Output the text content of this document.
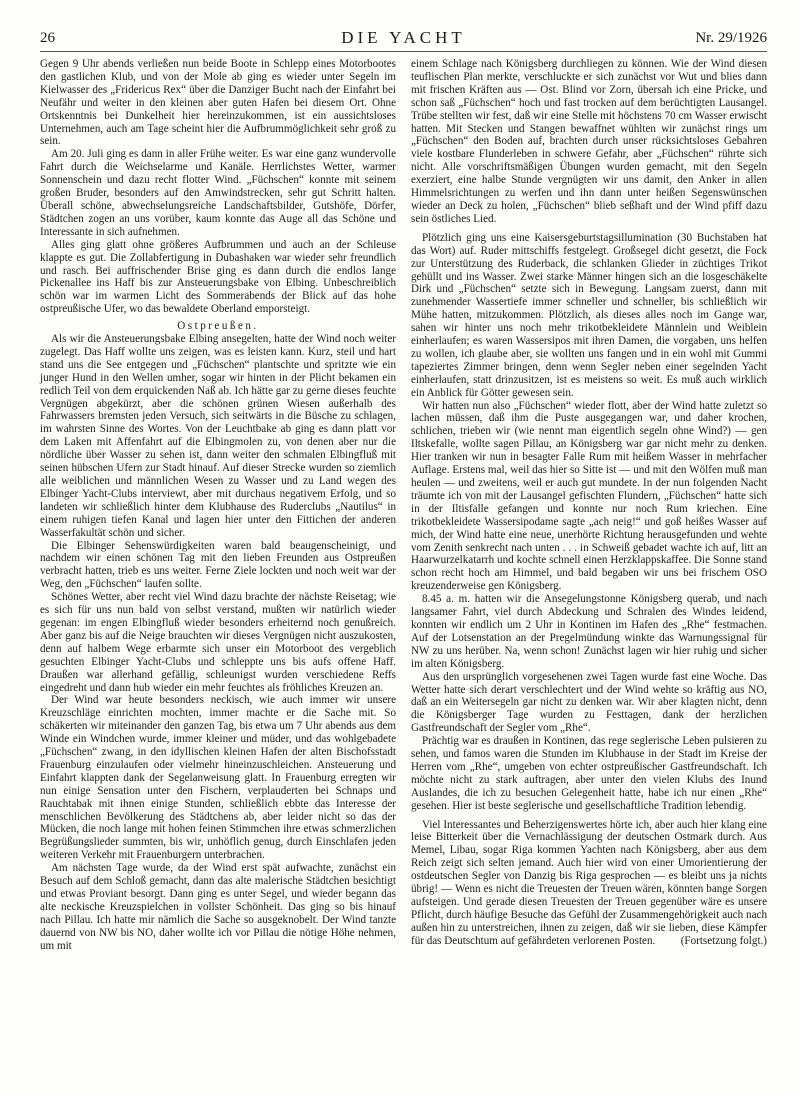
26	DIE YACHT	Nr. 29/1926

Gegen 9 Uhr abends verließen nun beide Boote in Schlepp eines Motorbootes den gastlichen Klub, und von der Mole ab ging es wieder unter Segeln im Kielwasser des „Fridericus Rex“ über die Danziger Bucht nach der Einfahrt bei Neufähr und weiter in den kleinen aber guten Hafen bei diesem Ort. Ohne Ortskenntnis bei Dunkelheit hier hereinzukommen, ist ein aussichtsloses Unternehmen, auch am Tage scheint hier die Aufbrummöglichkeit sehr groß zu sein.

Am 20. Juli ging es dann in aller Frühe weiter. Es war eine ganz wundervolle Fahrt durch die Weichselarme und Kanäle. Herrlichstes Wetter, warmer Sonnenschein und dazu recht flotter Wind. „Füchschen“ konnte mit seinem großen Bruder, besonders auf den Amwindstrecken, sehr gut Schritt halten. Überall schöne, abwechselungsreiche Landschaftsbilder, Gutshöfe, Dörfer, Städtchen zogen an uns vorüber, kaum konnte das Auge all das Schöne und Interessante in sich aufnehmen.

Alles ging glatt ohne größeres Aufbrummen und auch an der Schleuse klappte es gut. Die Zollabfertigung in Dubashaken war wieder sehr freundlich und rasch. Bei auffrischender Brise ging es dann durch die endlos lange Pickenallee ins Haff bis zur Ansteuerungsbake von Elbing. Unbeschreiblich schön war im warmen Licht des Sommerabends der Blick auf das hohe ostpreußische Ufer, wo das bewaldete Oberland emporsteigt.

Ostpreußen.

Als wir die Ansteuerungsbake Elbing ansegelten, hatte der Wind noch weiter zugelegt. Das Haff wollte uns zeigen, was es leisten kann. Kurz, steil und hart stand uns die See entgegen und „Füchschen“ plantschte und spritzte wie ein junger Hund in den Wellen umher, sogar wir hinten in der Plicht bekamen ein redlich Teil von dem erquickenden Naß ab. Ich hätte gar zu gerne dieses feuchte Vergnügen abgekürzt, aber die schönen grünen Wiesen außerhalb des Fahrwassers bremsten jeden Versuch, sich seitwärts in die Büsche zu schlagen, im wahrsten Sinne des Wortes. Von der Leuchtbake ab ging es dann platt vor dem Laken mit Affenfahrt auf die Elbingmolen zu, von denen aber nur die nördliche über Wasser zu sehen ist, dann weiter den schmalen Elbingfluß mit seinen hübschen Ufern zur Stadt hinauf. Auf dieser Strecke wurden so ziemlich alle weiblichen und männlichen Wesen zu Wasser und zu Land wegen des Elbinger Yacht-Clubs interviewt, aber mit durchaus negativem Erfolg, und so landeten wir schließlich hinter dem Klubhause des Ruderclubs „Nautilus“ in einem ruhigen tiefen Kanal und lagen hier unter den Fittichen der anderen Wasserfakultät schön und sicher.

Die Elbinger Sehenswürdigkeiten waren bald beaugenscheinigt, und nachdem wir einen schönen Tag mit den lieben Freunden aus Ostpreußen verbracht hatten, trieb es uns weiter. Ferne Ziele lockten und noch weit war der Weg, den „Füchschen“ laufen sollte.

Schönes Wetter, aber recht viel Wind dazu brachte der nächste Reisetag; wie es sich für uns nun bald von selbst verstand, mußten wir natürlich wieder gegenan: im engen Elbingfluß wieder besonders erheiternd noch genußreich. Aber ganz bis auf die Neige brauchten wir dieses Vergnügen nicht auszukosten, denn auf halbem Wege erbarmte sich unser ein Motorboot des vergeblich gesuchten Elbinger Yacht-Clubs und schleppte uns bis aufs offene Haff. Draußen war allerhand gefällig, schleunigst wurden verschiedene Reffs eingedreht und dann hub wieder ein mehr feuchtes als fröhliches Kreuzen an.

Der Wind war heute besonders neckisch, wie auch immer wir unsere Kreuzschläge einrichten mochten, immer machte er die Sache mit. So schäkerten wir miteinander den ganzen Tag, bis etwa um 7 Uhr abends aus dem Winde ein Windchen wurde, immer kleiner und müder, und das wohlgebadete „Füchschen“ zwang, in den idyllischen kleinen Hafen der alten Bischofsstadt Frauenburg einzulaufen oder vielmehr hineinzuschleichen. Ansteuerung und Einfahrt klappten dank der Segelanweisung glatt. In Frauenburg erregten wir nun einige Sensation unter den Fischern, verplauderten bei Schnaps und Rauchtabak mit ihnen einige Stunden, schließlich ebbte das Interesse der menschlichen Bevölkerung des Städtchens ab, aber leider nicht so das der Mücken, die noch lange mit hohen feinen Stimmchen ihre etwas schmerzlichen Begrüßungslieder summten, bis wir, unhöflich genug, durch Einschlafen jeden weiteren Verkehr mit Frauenburgern unterbrachen.

Am nächsten Tage wurde, da der Wind erst spät aufwachte, zunächst ein Besuch auf dem Schloß gemacht, dann das alte malerische Städtchen besichtigt und etwas Proviant besorgt. Dann ging es unter Segel, und wieder begann das alte neckische Kreuzspielchen in vollster Schönheit. Das ging so bis hinauf nach Pillau. Ich hatte mir nämlich die Sache so ausgeknobelt. Der Wind tanzte dauernd von NW bis NO, daher wollte ich vor Pillau die nötige Höhe nehmen, um mit

einem Schlage nach Königsberg durchliegen zu können. Wie der Wind diesen teuflischen Plan merkte, verschluckte er sich zunächst vor Wut und blies dann mit frischen Kräften aus — Ost. Blind vor Zorn, übersah ich eine Pricke, und schon saß „Füchschen“ hoch und fast trocken auf dem berüchtigten Lausangel. Trübe stellten wir fest, daß wir eine Stelle mit höchstens 70 cm Wasser erwischt hatten. Mit Stecken und Stangen bewaffnet wühlten wir zunächst rings um „Füchschen“ den Boden auf, brachten durch unser rücksichtsloses Gebahren viele kostbare Flunderleben in schwere Gefahr, aber „Füchschen“ rührte sich nicht. Alle vorschriftsmäßigen Übungen wurden gemacht, mit den Segeln exerziert, eine halbe Stunde vergnügten wir uns damit, den Anker in allen Himmelsrichtungen zu werfen und ihn dann unter heißen Segenswünschen wieder an Deck zu holen, „Füchschen“ blieb seßhaft und der Wind pfiff dazu sein östliches Lied.

Plötzlich ging uns eine Kaisersgeburtstagsillumination (30 Buchstaben hat das Wort) auf. Ruder mittschiffs festgelegt. Großsegel dicht gesetzt, die Fock zur Unterstützung des Ruderback, die schlanken Glieder in züchtiges Trikot gehüllt und ins Wasser. Zwei starke Männer hingen sich an die losgeschäkelte Dirk und „Füchschen“ setzte sich in Bewegung. Langsam zuerst, dann mit zunehmender Wassertiefe immer schneller und schneller, bis schließlich wir Mühe hatten, mitzukommen. Plötzlich, als dieses alles noch im Gange war, sahen wir hinter uns noch mehr trikotbekleidete Männlein und Weiblein einherlaufen; es waren Wassersipos mit ihren Damen, die vorgaben, uns helfen zu wollen, ich glaube aber, sie wollten uns fangen und in ein wohl mit Gummi tapeziertes Zimmer bringen, denn wenn Segler neben einer segelnden Yacht einherlaufen, statt drinzusitzen, ist es meistens so weit. Es muß auch wirklich ein Anblick für Götter gewesen sein.

Wir hatten nun also „Füchschen“ wieder flott, aber der Wind hatte zuletzt so lachen müssen, daß ihm die Puste ausgegangen war, und daher krochen, schlichen, trieben wir (wie nennt man eigentlich segeln ohne Wind?) — gen Iltskefalle, wollte sagen Pillau, an Königsberg war gar nicht mehr zu denken. Hier tranken wir nun in besagter Falle Rum mit heißem Wasser in mehrfacher Auflage. Erstens mal, weil das hier so Sitte ist — und mit den Wölfen muß man heulen — und zweitens, weil er auch gut mundete. In der nun folgenden Nacht träumte ich von mit der Lausangel gefischten Flundern, „Füchschen“ hatte sich in der Iltisfalle gefangen und konnte nur noch Rum kriechen. Eine trikotbekleidete Wassersipodame sagte „ach neig!“ und goß heißes Wasser auf mich, der Wind hatte eine neue, unerhörte Richtung herausgefunden und wehte vom Zenith senkrecht nach unten . . . in Schweiß gebadet wachte ich auf, litt an Haarwurzelkatarrh und kochte schnell einen Herzklappskaffee. Die Sonne stand schon recht hoch am Himmel, und bald begaben wir uns bei frischem OSO kreuzenderweise gen Königsberg.

8.45 a. m. hatten wir die Ansegelungstonne Königsberg querab, und nach langsamer Fahrt, viel durch Abdeckung und Schralen des Windes leidend, konnten wir endlich um 2 Uhr in Kontinen im Hafen des „Rhe“ festmachen. Auf der Lotsenstation an der Pregelmündung winkte das Warnungssignal für NW zu uns herüber. Na, wenn schon! Zunächst lagen wir hier ruhig und sicher im alten Königsberg.

Aus den ursprünglich vorgesehenen zwei Tagen wurde fast eine Woche. Das Wetter hatte sich derart verschlechtert und der Wind wehte so kräftig aus NO, daß an ein Weitersegeln gar nicht zu denken war. Wir aber klagten nicht, denn die Königsberger Tage wurden zu Festtagen, dank der herzlichen Gastfreundschaft der Segler vom „Rhe“.

Prächtig war es draußen in Kontinen, das rege seglerische Leben pulsieren zu sehen, und famos waren die Stunden im Klubhause in der Stadt im Kreise der Herren vom „Rhe“, umgeben von echter ostpreußischer Gastfreundschaft. Ich möchte nicht zu stark auftragen, aber unter den vielen Klubs des Inund Auslandes, die ich zu besuchen Gelegenheit hatte, habe ich nur einen „Rhe“ gesehen. Hier ist beste seglerische und gesellschaftliche Tradition lebendig.

Viel Interessantes und Beherzigenswertes hörte ich, aber auch hier klang eine leise Bitterkeit über die Vernachlässigung der deutschen Ostmark durch. Aus Memel, Libau, sogar Riga kommen Yachten nach Königsberg, aber aus dem Reich zeigt sich selten jemand. Auch hier wird von einer Umorientierung der ostdeutschen Segler von Danzig bis Riga gesprochen — es bleibt uns ja nichts übrig! — Wenn es nicht die Treuesten der Treuen wären, könnten bange Sorgen aufsteigen. Und gerade diesen Treuesten der Treuen gegenüber wäre es unsere Pflicht, durch häufige Besuche das Gefühl der Zusammengehörigkeit auch nach außen hin zu unterstreichen, ihnen zu zeigen, daß wir sie lieben, diese Kämpfer für das Deutschtum auf gefährdeten verlorenen Posten.	(Fortsetzung folgt.)
